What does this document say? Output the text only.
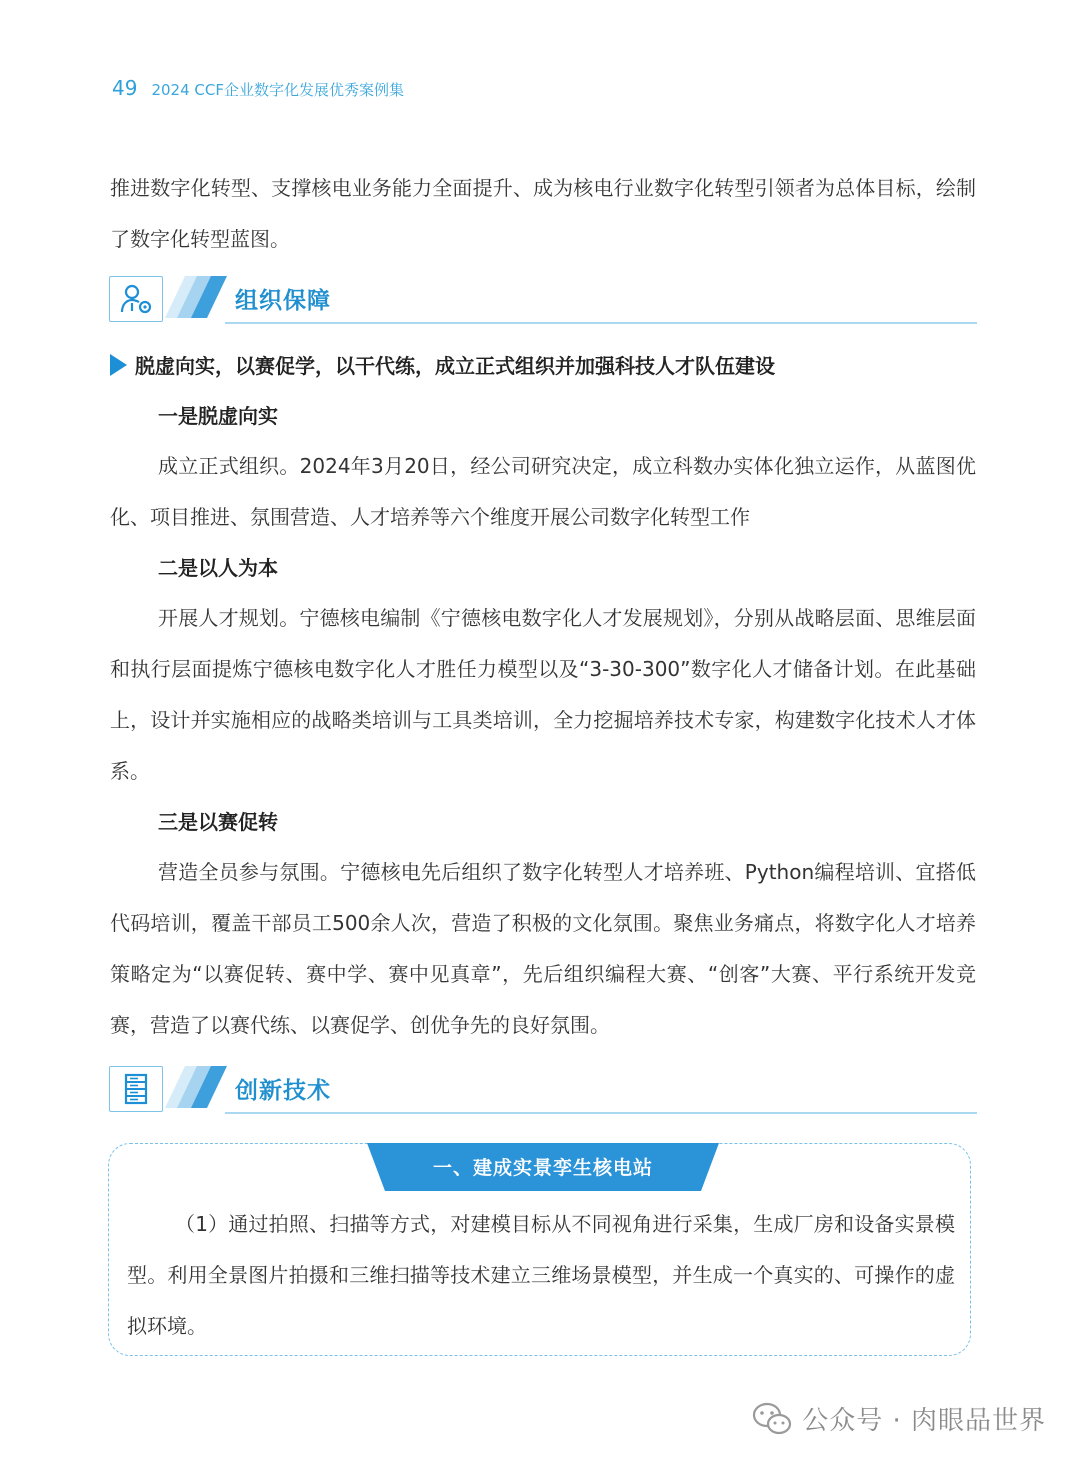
49 2024 CCF企业数字化发展优秀案例集

推进数字化转型、支撑核电业务能力全面提升、成为核电行业数字化转型引领者为总体目标，绘制了数字化转型蓝图。

组织保障
脱虚向实，以赛促学，以干代练，成立正式组织并加强科技人才队伍建设

一是脱虚向实

成立正式组织。2024年3月20日，经公司研究决定，成立科数办实体化独立运作，从蓝图优化、项目推进、氛围营造、人才培养等六个维度开展公司数字化转型工作

二是以人为本

开展人才规划。宁德核电编制《宁德核电数字化人才发展规划》，分别从战略层面、思维层面和执行层面提炼宁德核电数字化人才胜任力模型以及“3-30-300”数字化人才储备计划。在此基础上，设计并实施相应的战略类培训与工具类培训，全力挖掘培养技术专家，构建数字化技术人才体系。

三是以赛促转

营造全员参与氛围。宁德核电先后组织了数字化转型人才培养班、Python编程培训、宜搭低代码培训，覆盖干部员工500余人次，营造了积极的文化氛围。聚焦业务痛点，将数字化人才培养策略定为“以赛促转、赛中学、赛中见真章”，先后组织编程大赛、“创客”大赛、平行系统开发竞赛，营造了以赛代练、以赛促学、创优争先的良好氛围。

创新技术
一、建成实景孪生核电站

（1）通过拍照、扫描等方式，对建模目标从不同视角进行采集，生成厂房和设备实景模型。利用全景图片拍摄和三维扫描等技术建立三维场景模型，并生成一个真实的、可操作的虚拟环境。

公众号 · 肉眼品世界
